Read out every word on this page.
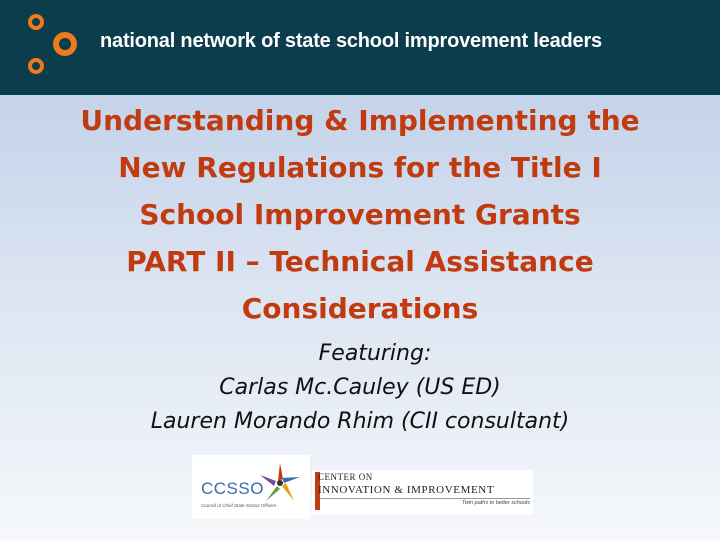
national network of state school improvement leaders
Understanding & Implementing the
New Regulations for the Title I
School Improvement Grants
PART II – Technical Assistance
Considerations
Featuring:
Carlas Mc.Cauley (US ED)
Lauren Morando Rhim (CII consultant)
CCSSO
Council of Chief State School Officers
CENTER ON
INNOVATION & IMPROVEMENT
Twin paths to better schools
